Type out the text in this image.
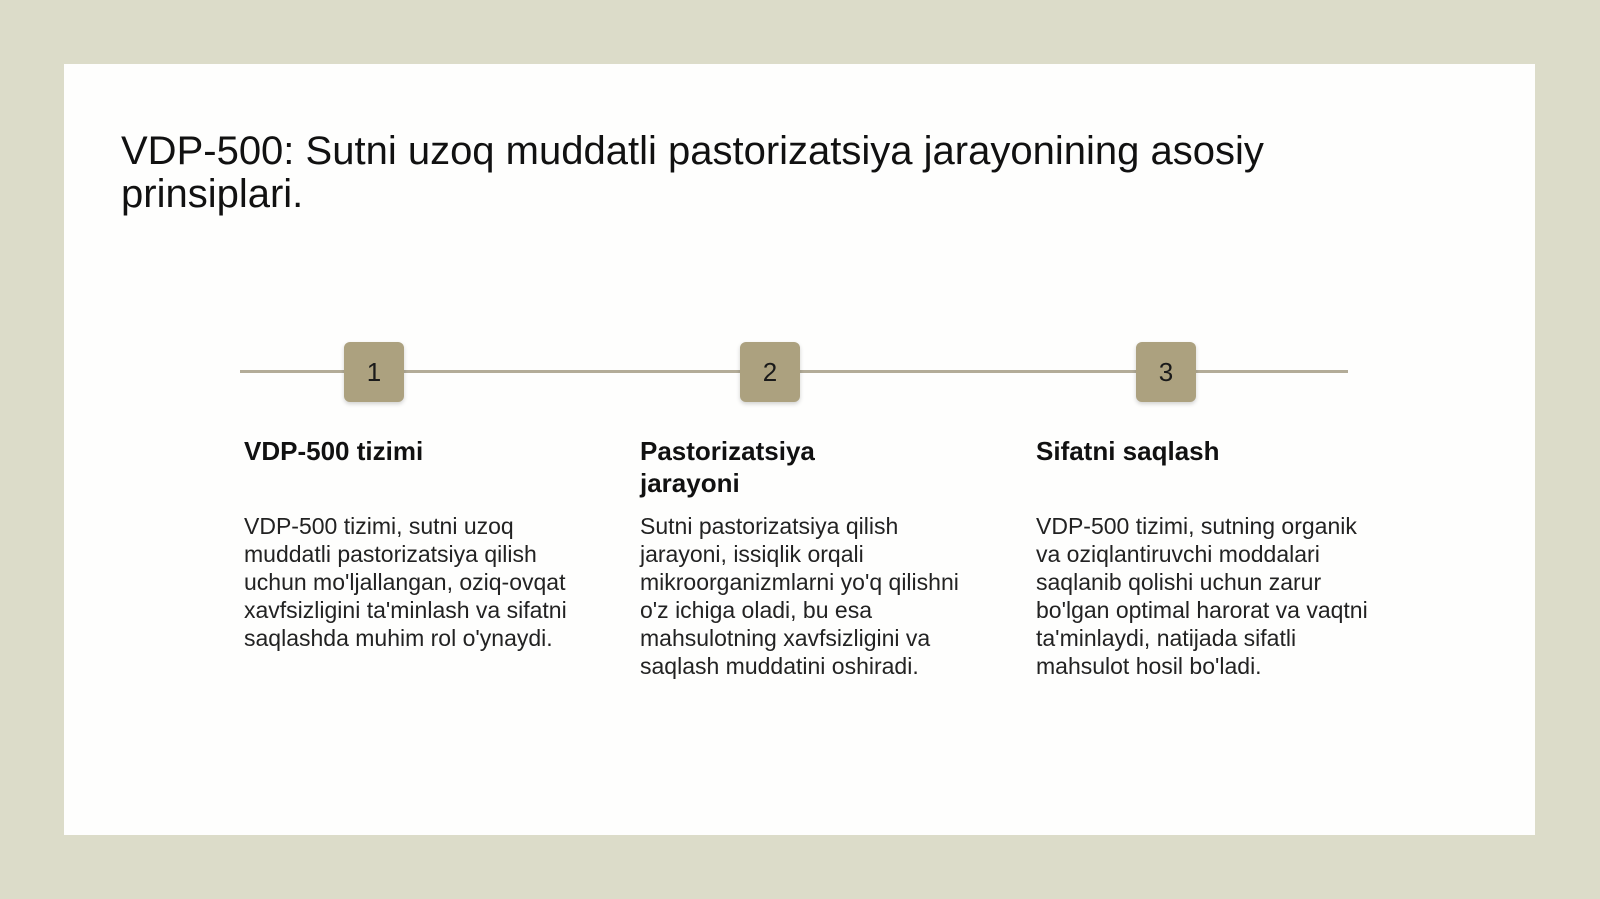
VDP-500: Sutni uzoq muddatli pastorizatsiya jarayonining asosiy prinsiplari.
1
VDP-500 tizimi

VDP-500 tizimi, sutni uzoq muddatli pastorizatsiya qilish uchun mo'ljallangan, oziq-ovqat xavfsizligini ta'minlash va sifatni saqlashda muhim rol o'ynaydi.

2
Pastorizatsiya jarayoni

Sutni pastorizatsiya qilish jarayoni, issiqlik orqali mikroorganizmlarni yo'q qilishni o'z ichiga oladi, bu esa mahsulotning xavfsizligini va saqlash muddatini oshiradi.

3
Sifatni saqlash

VDP-500 tizimi, sutning organik va oziqlantiruvchi moddalari saqlanib qolishi uchun zarur bo'lgan optimal harorat va vaqtni ta'minlaydi, natijada sifatli mahsulot hosil bo'ladi.
